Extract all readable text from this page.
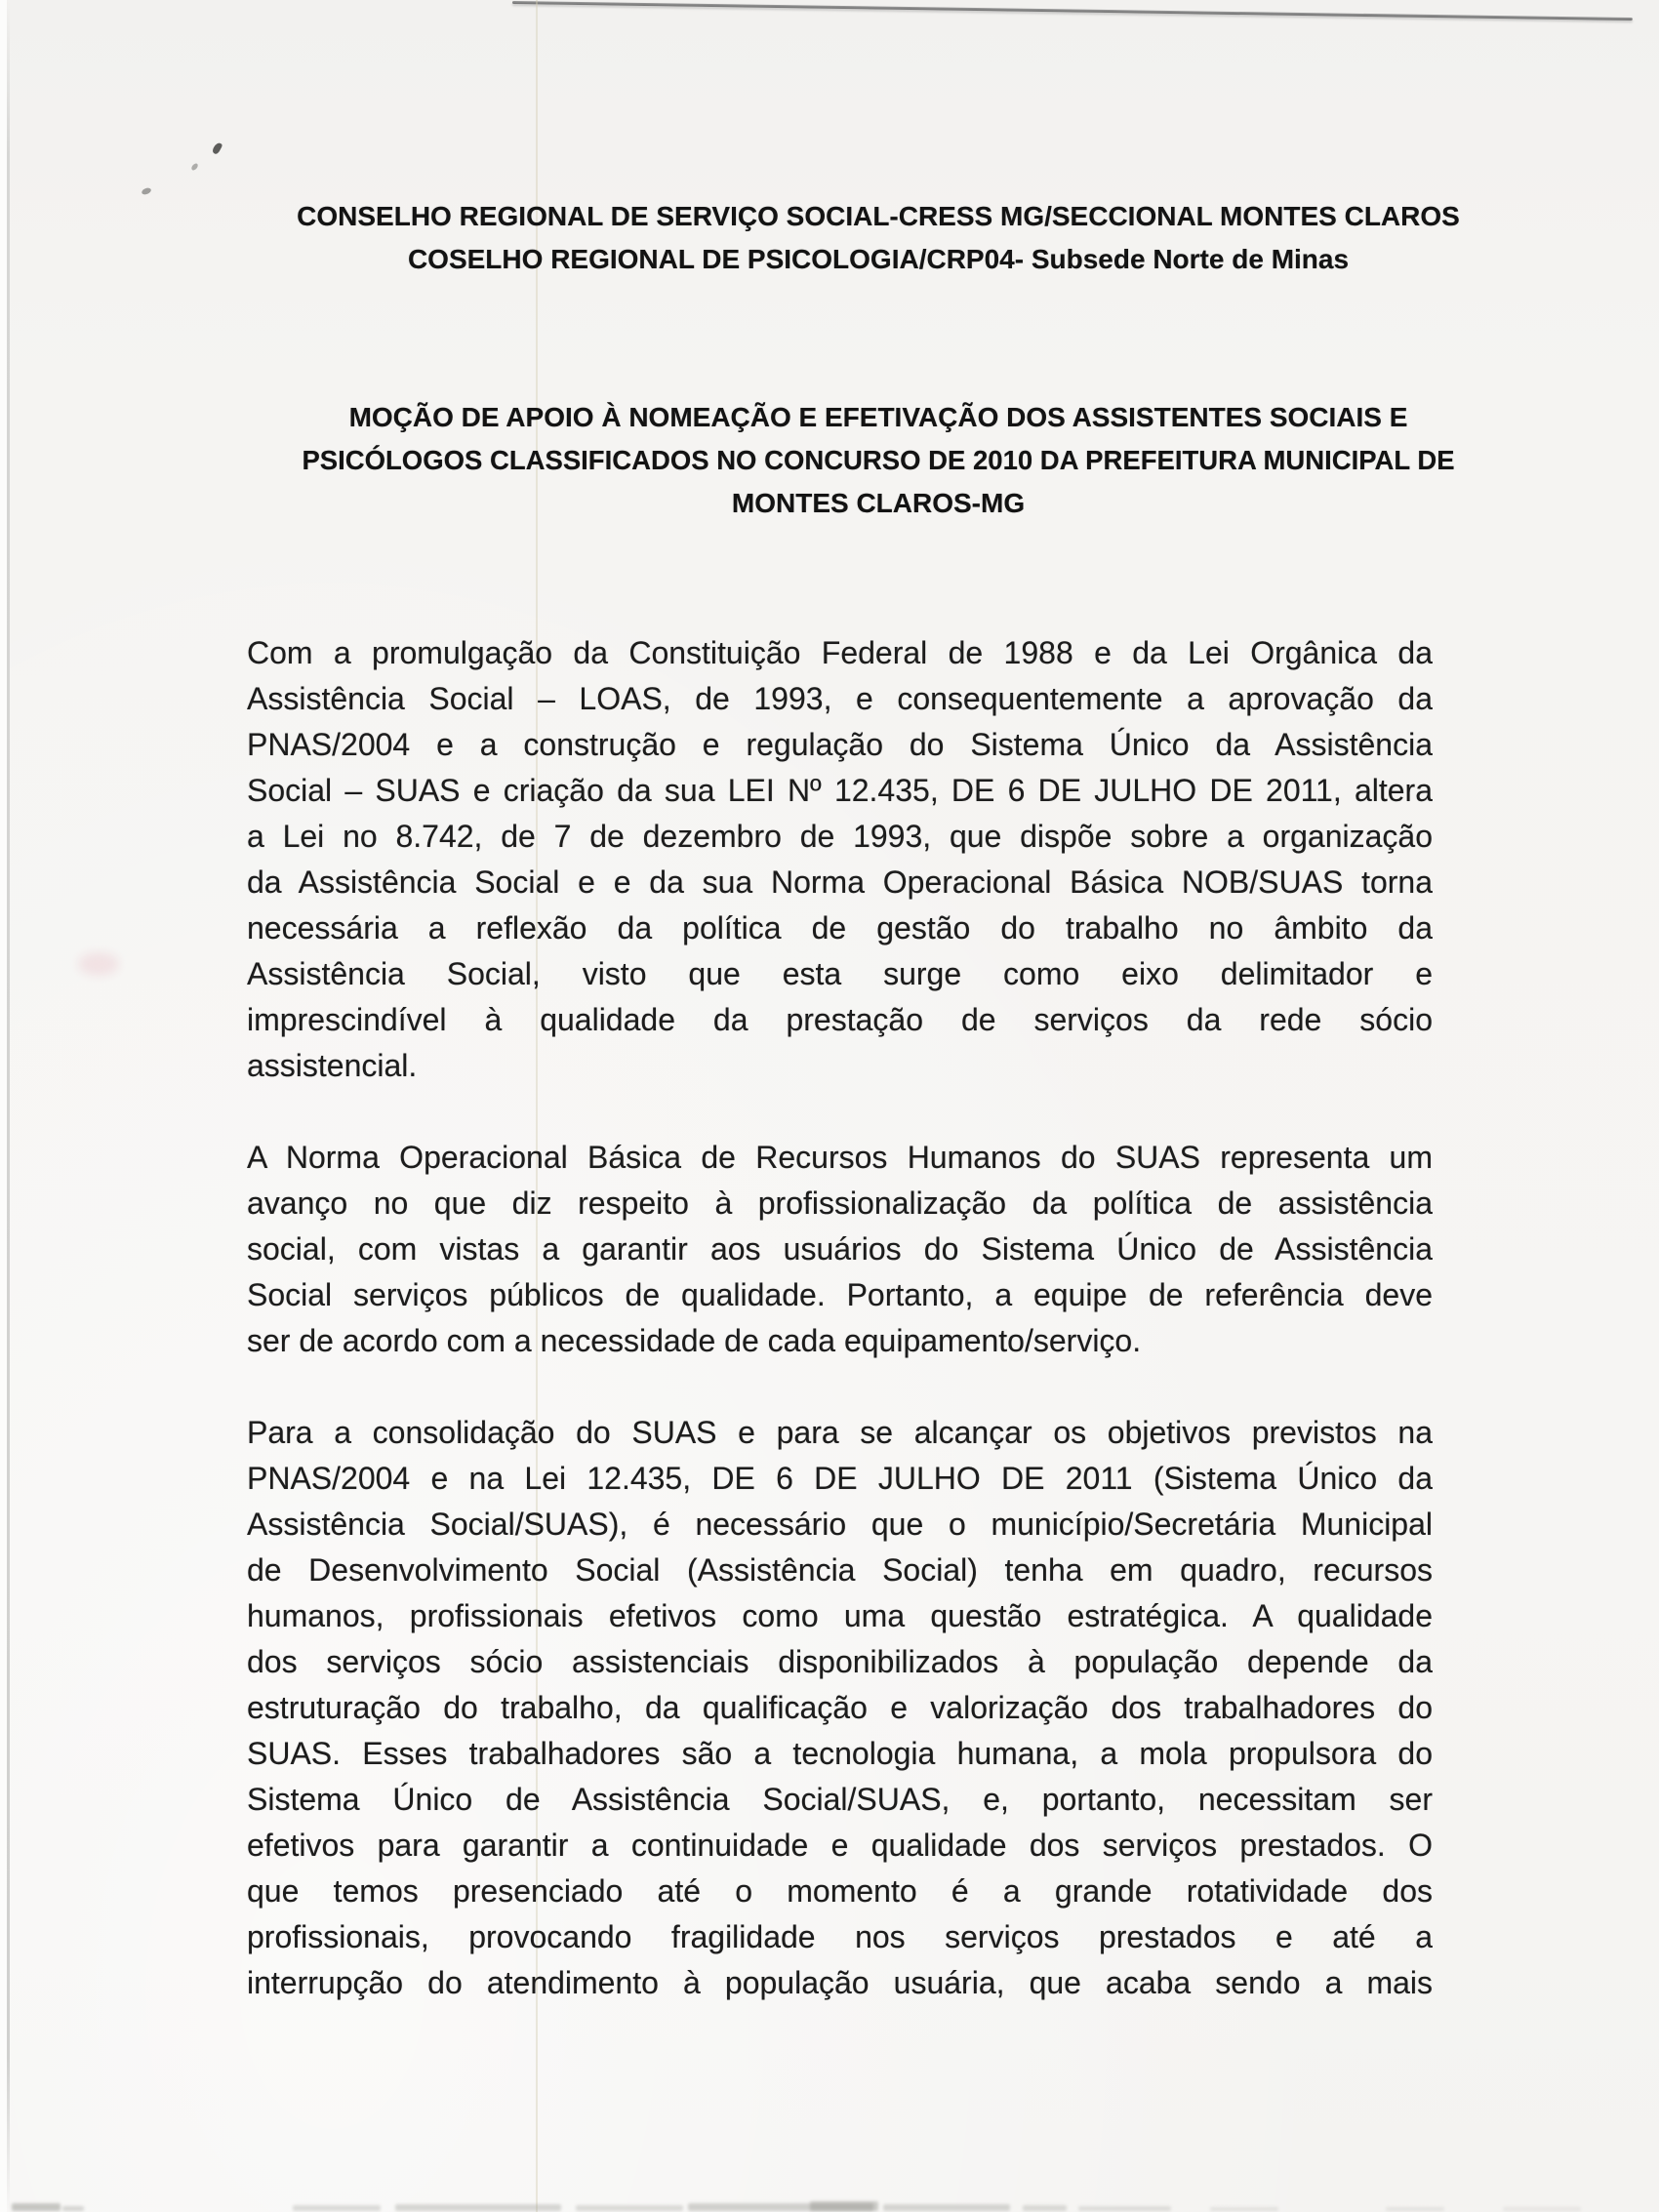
CONSELHO REGIONAL DE SERVIÇO SOCIAL-CRESS MG/SECCIONAL MONTES CLAROS
COSELHO REGIONAL DE PSICOLOGIA/CRP04- Subsede Norte de Minas
MOÇÃO DE APOIO À NOMEAÇÃO E EFETIVAÇÃO DOS ASSISTENTES SOCIAIS E
PSICÓLOGOS CLASSIFICADOS NO CONCURSO DE 2010 DA PREFEITURA MUNICIPAL DE
MONTES CLAROS-MG
Com a promulgação da Constituição Federal de 1988 e da Lei Orgânica da
Assistência Social – LOAS, de 1993, e consequentemente a aprovação da
PNAS/2004 e a construção e regulação do Sistema Único da Assistência
Social – SUAS e criação da sua LEI Nº 12.435, DE 6 DE JULHO DE 2011, altera
a Lei no 8.742, de 7 de dezembro de 1993, que dispõe sobre a organização
da Assistência Social e e da sua Norma Operacional Básica NOB/SUAS torna
necessária a reflexão da política de gestão do trabalho no âmbito da
Assistência Social, visto que esta surge como eixo delimitador e
imprescindível à qualidade da prestação de serviços da rede sócio
assistencial.
A Norma Operacional Básica de Recursos Humanos do SUAS representa um
avanço no que diz respeito à profissionalização da política de assistência
social, com vistas a garantir aos usuários do Sistema Único de Assistência
Social serviços públicos de qualidade. Portanto, a equipe de referência deve
ser de acordo com a necessidade de cada equipamento/serviço.
Para a consolidação do SUAS e para se alcançar os objetivos previstos na
PNAS/2004 e na Lei 12.435, DE 6 DE JULHO DE 2011 (Sistema Único da
Assistência Social/SUAS), é necessário que o município/Secretária Municipal
de Desenvolvimento Social (Assistência Social) tenha em quadro, recursos
humanos, profissionais efetivos como uma questão estratégica. A qualidade
dos serviços sócio assistenciais disponibilizados à população depende da
estruturação do trabalho, da qualificação e valorização dos trabalhadores do
SUAS. Esses trabalhadores são a tecnologia humana, a mola propulsora do
Sistema Único de Assistência Social/SUAS, e, portanto, necessitam ser
efetivos para garantir a continuidade e qualidade dos serviços prestados. O
que temos presenciado até o momento é a grande rotatividade dos
profissionais, provocando fragilidade nos serviços prestados e até a
interrupção do atendimento à população usuária, que acaba sendo a mais
